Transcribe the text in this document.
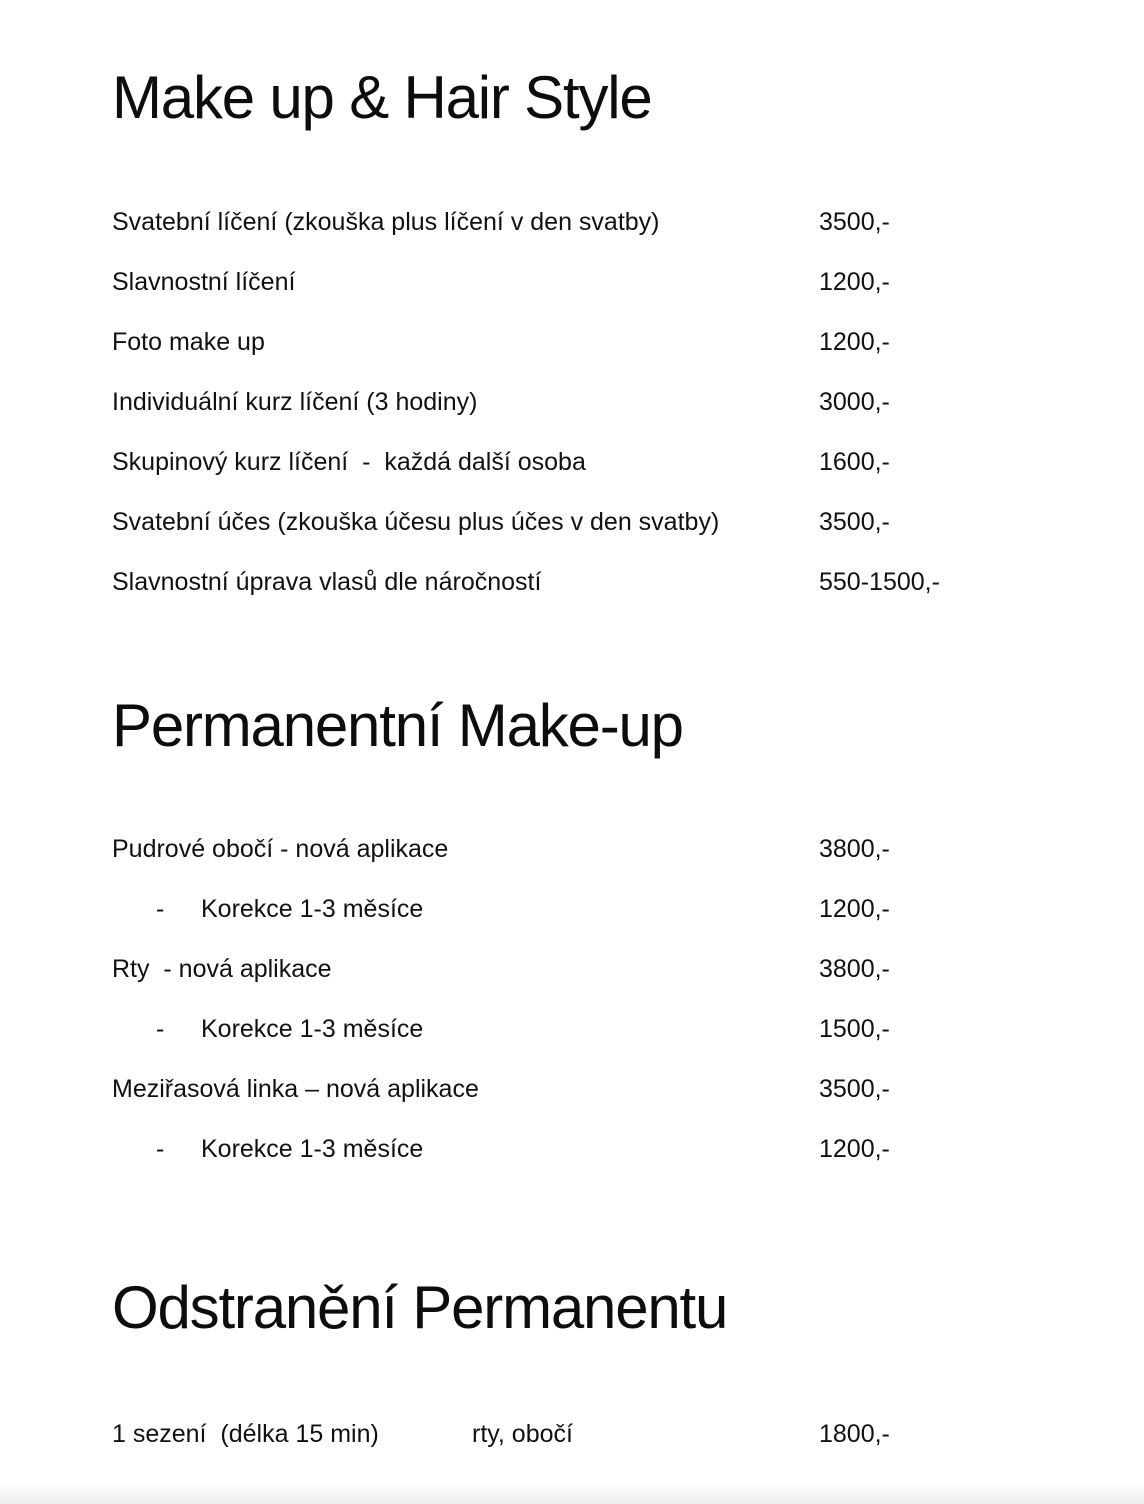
Make up & Hair Style
Svatební líčení (zkouška plus líčení v den svatby)	3500,-
Slavnostní líčení	1200,-
Foto make up	1200,-
Individuální kurz líčení (3 hodiny)	3000,-
Skupinový kurz líčení  -  každá další osoba	1600,-
Svatební účes (zkouška účesu plus účes v den svatby)	3500,-
Slavnostní úprava vlasů dle náročností	550-1500,-
Permanentní Make-up
Pudrové obočí - nová aplikace	3800,-
- Korekce 1-3 měsíce	1200,-
Rty  - nová aplikace	3800,-
- Korekce 1-3 měsíce	1500,-
Meziřasová linka – nová aplikace	3500,-
- Korekce 1-3 měsíce	1200,-
Odstranění Permanentu
1 sezení  (délka 15 min)	rty, obočí	1800,-
